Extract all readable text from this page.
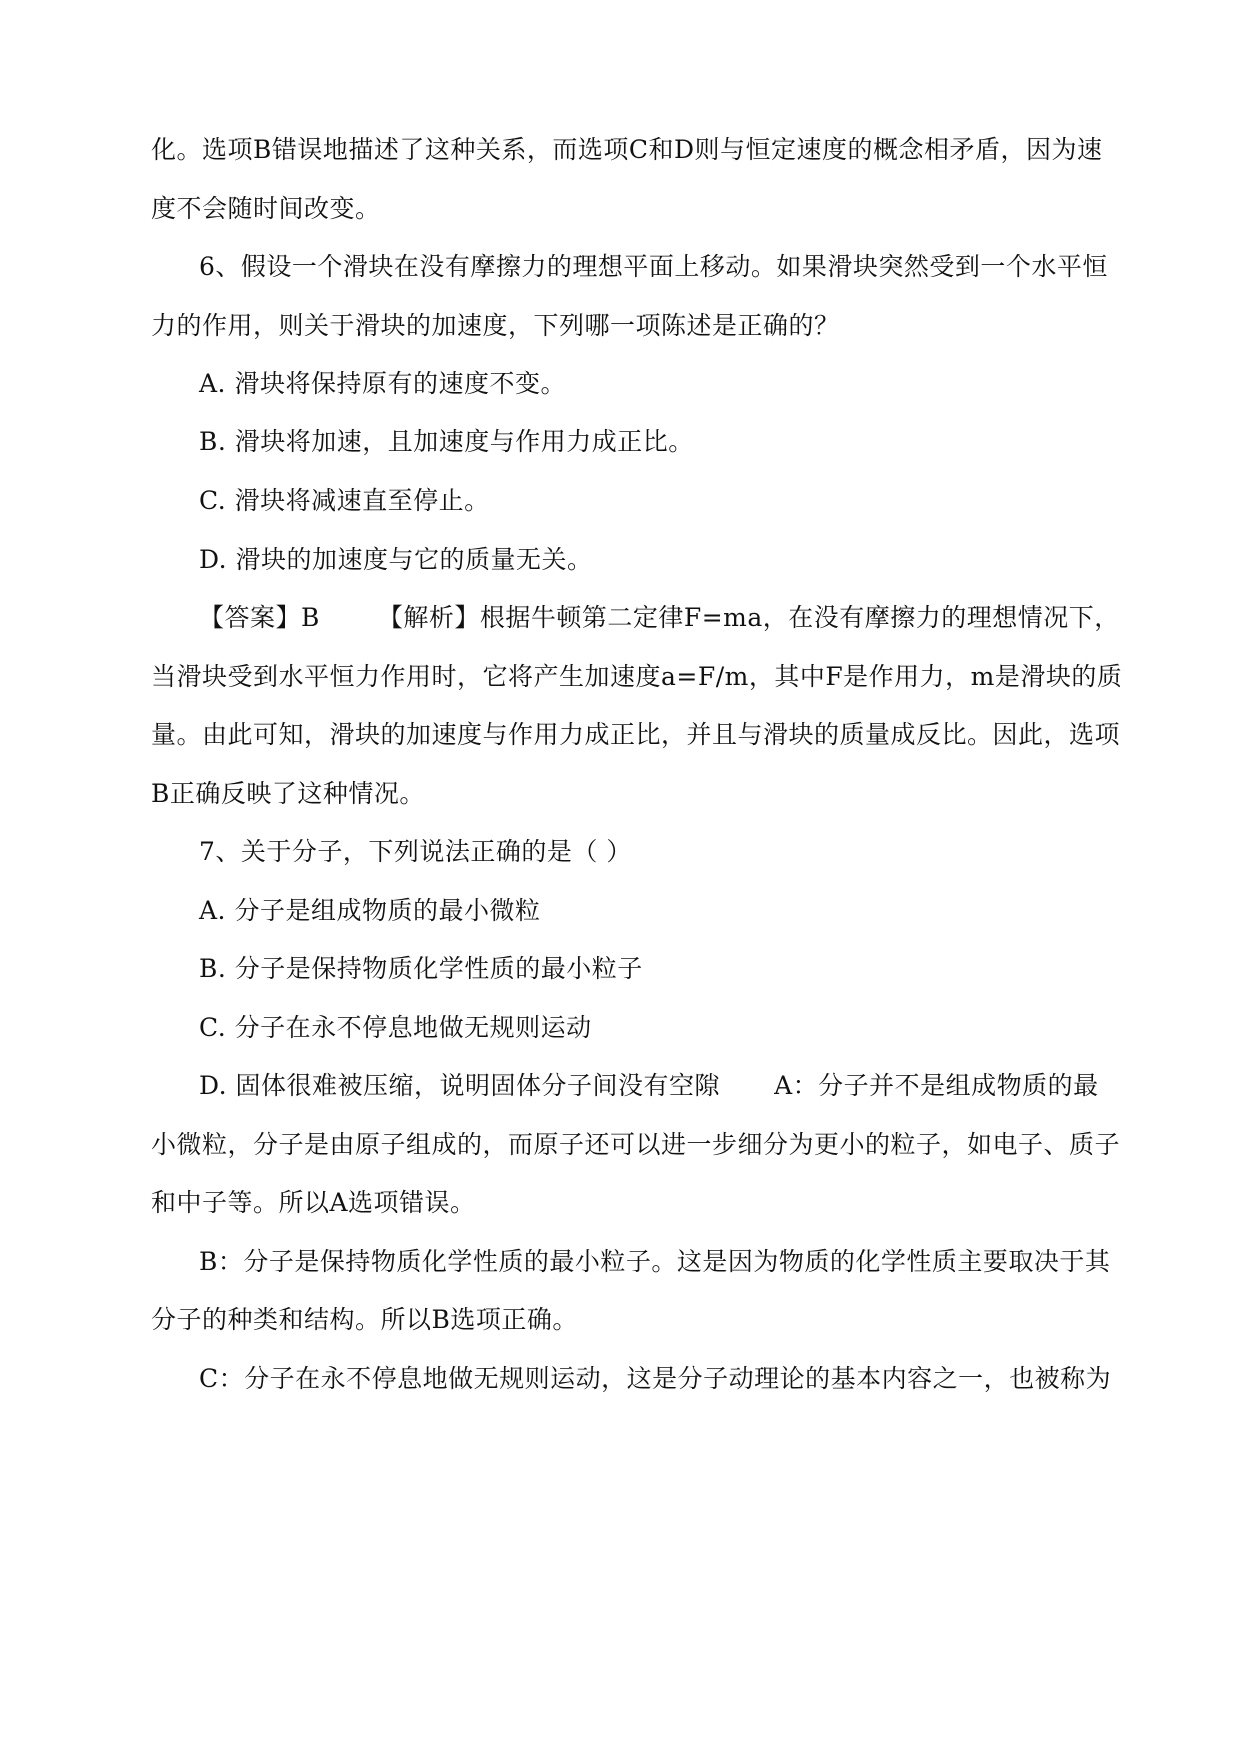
化。选项B错误地描述了这种关系，而选项C和D则与恒定速度的概念相矛盾，因为速
度不会随时间改变。
6、假设一个滑块在没有摩擦力的理想平面上移动。如果滑块突然受到一个水平恒
力的作用，则关于滑块的加速度，下列哪一项陈述是正确的？
A. 滑块将保持原有的速度不变。
B. 滑块将加速，且加速度与作用力成正比。
C. 滑块将减速直至停止。
D. 滑块的加速度与它的质量无关。
【答案】B 【解析】根据牛顿第二定律F=ma，在没有摩擦力的理想情况下，
当滑块受到水平恒力作用时，它将产生加速度a=F/m，其中F是作用力，m是滑块的质
量。由此可知，滑块的加速度与作用力成正比，并且与滑块的质量成反比。因此，选项
B正确反映了这种情况。
7、关于分子，下列说法正确的是（ ）
A. 分子是组成物质的最小微粒
B. 分子是保持物质化学性质的最小粒子
C. 分子在永不停息地做无规则运动
D. 固体很难被压缩，说明固体分子间没有空隙 A：分子并不是组成物质的最
小微粒，分子是由原子组成的，而原子还可以进一步细分为更小的粒子，如电子、质子
和中子等。所以A选项错误。
B：分子是保持物质化学性质的最小粒子。这是因为物质的化学性质主要取决于其
分子的种类和结构。所以B选项正确。
C：分子在永不停息地做无规则运动，这是分子动理论的基本内容之一，也被称为
